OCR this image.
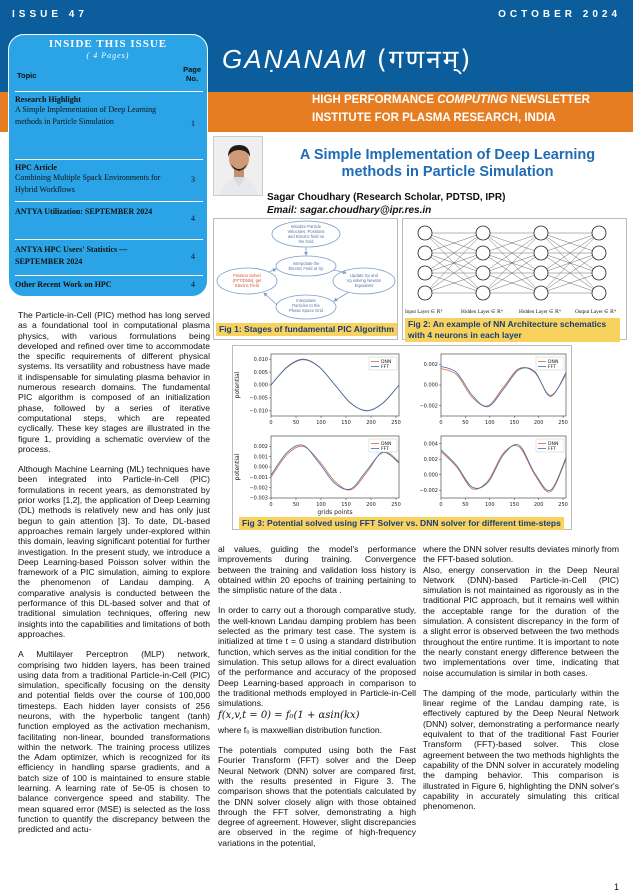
ISSUE 47	OCTOBER 2024
GAṆANAM (गणनम्)
HIGH PERFORMANCE COMPUTING NEWSLETTER
INSTITUTE FOR PLASMA RESEARCH, INDIA
INSIDE THIS ISSUE
( 4 Pages)
Topic
Page
No.
Research Highlight
A Simple Implementation of Deep Learning methods in Particle Simulation	1
HPC Article
Combining Multiple Spack Environments for Hybrid Workflows
3
ANTYA Utilization: SEPTEMBER 2024
4
ANTYA HPC Users' Statistics — SEPTEMBER 2024
4
Other Recent Work on HPC	4
A Simple Implementation of Deep Learning methods in Particle Simulation
Sagar Choudhary (Research Scholar, PDTSD, IPR)
Email: sagar.choudhary@ipr.res.in
Initialize Particle
Velocities, Positions
and Electric field on
the Grid
Interpolate the
Electric Field at Xp
Poisson Solver
(FFT/DNN), get
Electric Field
Update Xp and
Vp solving Newton
Equations
Interpolate
Particles to the
Phase Space Grid
Fig 1: Stages of fundamental PIC Algorithm
Input Layer ∈ ℝ⁴	Hidden Layer ∈ ℝ⁴	Hidden Layer ∈ ℝ⁴	Output Layer ∈ ℝ⁴
Fig 2: An example of NN Architecture schematics with 4 neurons in each layer
0	50	100	150	200	250
0.010
0.005
0.000
−0.005
−0.010
DNN
FFT
0	50	100	150	200	250
0.002
0.000
−0.002
DNN
FFT
0	50	100	150	200	250
0.002
0.001
0.000
−0.001
−0.002
−0.003
DNN
FFT
0	50	100	150	200	250
0.004
0.002
0.000
−0.002
DNN
FFT
potential
potential
grids points
Fig 3: Potential solved using FFT Solver vs. DNN solver for different time-steps

The Particle-in-Cell (PIC) method has long served as a foundational tool in computational plasma physics, with various formulations being developed and refined over time to accommodate the specific requirements of different physical systems. Its versatility and robustness have made it indispensable for simulating plasma behavior in numerous research domains. The fundamental PIC algorithm is composed of an initialization phase, followed by a series of iterative computational steps, which are repeated cyclically. These key stages are illustrated in the figure 1, providing a schematic overview of the process.

Although Machine Learning (ML) techniques have been integrated into Particle-in-Cell (PIC) formulations in recent years, as demonstrated by prior works [1,2], the application of Deep Learning (DL) methods is relatively new and has only just begun to gain attention [3]. To date, DL-based approaches remain largely under-explored within this domain, leaving significant potential for further investigation. In the present study, we introduce a Deep Learning-based Poisson solver within the framework of a PIC simulation, aiming to explore the phenomenon of Landau damping. A comparative analysis is conducted between the performance of this DL-based solver and that of traditional simulation techniques, offering new insights into the capabilities and limitations of both approaches.

A Multilayer Perceptron (MLP) network, comprising two hidden layers, has been trained using data from a traditional Particle-in-Cell (PIC) simulation, specifically focusing on the density and potential fields over the course of 100,000 timesteps. Each hidden layer consists of 256 neurons, with the hyperbolic tangent (tanh) function employed as the activation mechanism, facilitating non-linear, bounded transformations within the network. The training process utilizes the Adam optimizer, which is recognized for its efficiency in handling sparse gradients, and a batch size of 100 is maintained to ensure stable learning. A learning rate of 5e-05 is chosen to balance convergence speed and stability. The mean squared error (MSE) is selected as the loss function to quantify the discrepancy between the predicted and actu-

al values, guiding the model's performance improvements during training. Convergence between the training and validation loss history is obtained within 20 epochs of training pertaining to the simplistic nature of the data .

In order to carry out a thorough comparative study, the well-known Landau damping problem has been selected as the primary test case. The system is initialized at time t = 0 using a standard distribution function, which serves as the initial condition for the simulation. This setup allows for a direct evaluation of the performance and accuracy of the proposed Deep Learning-based approach in comparison to the traditional methods employed in Particle-in-Cell simulations.

f(x,v,t = 0) = f₀(1 + αsin(kx)

where f₀ is maxwellian distribution function.

The potentials computed using both the Fast Fourier Transform (FFT) solver and the Deep Neural Network (DNN) solver are compared first, with the results presented in Figure 3. The comparison shows that the potentials calculated by the DNN solver closely align with those obtained through the FFT solver, demonstrating a high degree of agreement. However, slight discrepancies are observed in the regime of high-frequency variations in the potential,

where the DNN solver results deviates minorly from the FFT-based solution.

Also, energy conservation in the Deep Neural Network (DNN)-based Particle-in-Cell (PIC) simulation is not maintained as rigorously as in the traditional PIC approach, but it remains well within the acceptable range for the duration of the simulation. A consistent discrepancy in the form of a slight error is observed between the two methods throughout the entire runtime. It is important to note the nearly constant energy difference between the two implementations over time, indicating that noise accumulation is similar in both cases.

The damping of the mode, particularly within the linear regime of the Landau damping rate, is effectively captured by the Deep Neural Network (DNN) solver, demonstrating a performance nearly equivalent to that of the traditional Fast Fourier Transform (FFT)-based solver. This close agreement between the two methods highlights the capability of the DNN solver in accurately modeling the damping behavior. This comparison is illustrated in Figure 6, highlighting the DNN solver's capability in accurately simulating this critical phenomenon.

1
